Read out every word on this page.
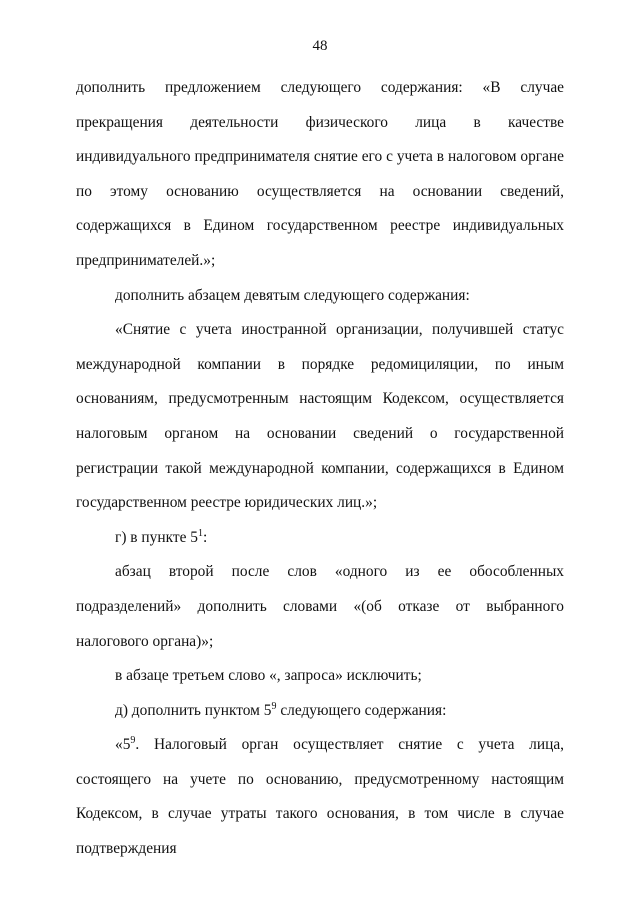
48

дополнить предложением следующего содержания: «В случае прекращения деятельности физического лица в качестве индивидуального предпринимателя снятие его с учета в налоговом органе по этому основанию осуществляется на основании сведений, содержащихся в Едином государственном реестре индивидуальных предпринимателей.»;

дополнить абзацем девятым следующего содержания:

«Снятие с учета иностранной организации, получившей статус международной компании в порядке редомициляции, по иным основаниям, предусмотренным настоящим Кодексом, осуществляется налоговым органом на основании сведений о государственной регистрации такой международной компании, содержащихся в Едином государственном реестре юридических лиц.»;

г) в пункте $5^1$:

абзац второй после слов «одного из ее обособленных подразделений» дополнить словами «(об отказе от выбранного налогового органа)»;

в абзаце третьем слово «, запроса» исключить;

д) дополнить пунктом $5^9$ следующего содержания:

«$5^9$. Налоговый орган осуществляет снятие с учета лица, состоящего на учете по основанию, предусмотренному настоящим Кодексом, в случае утраты такого основания, в том числе в случае подтверждения
